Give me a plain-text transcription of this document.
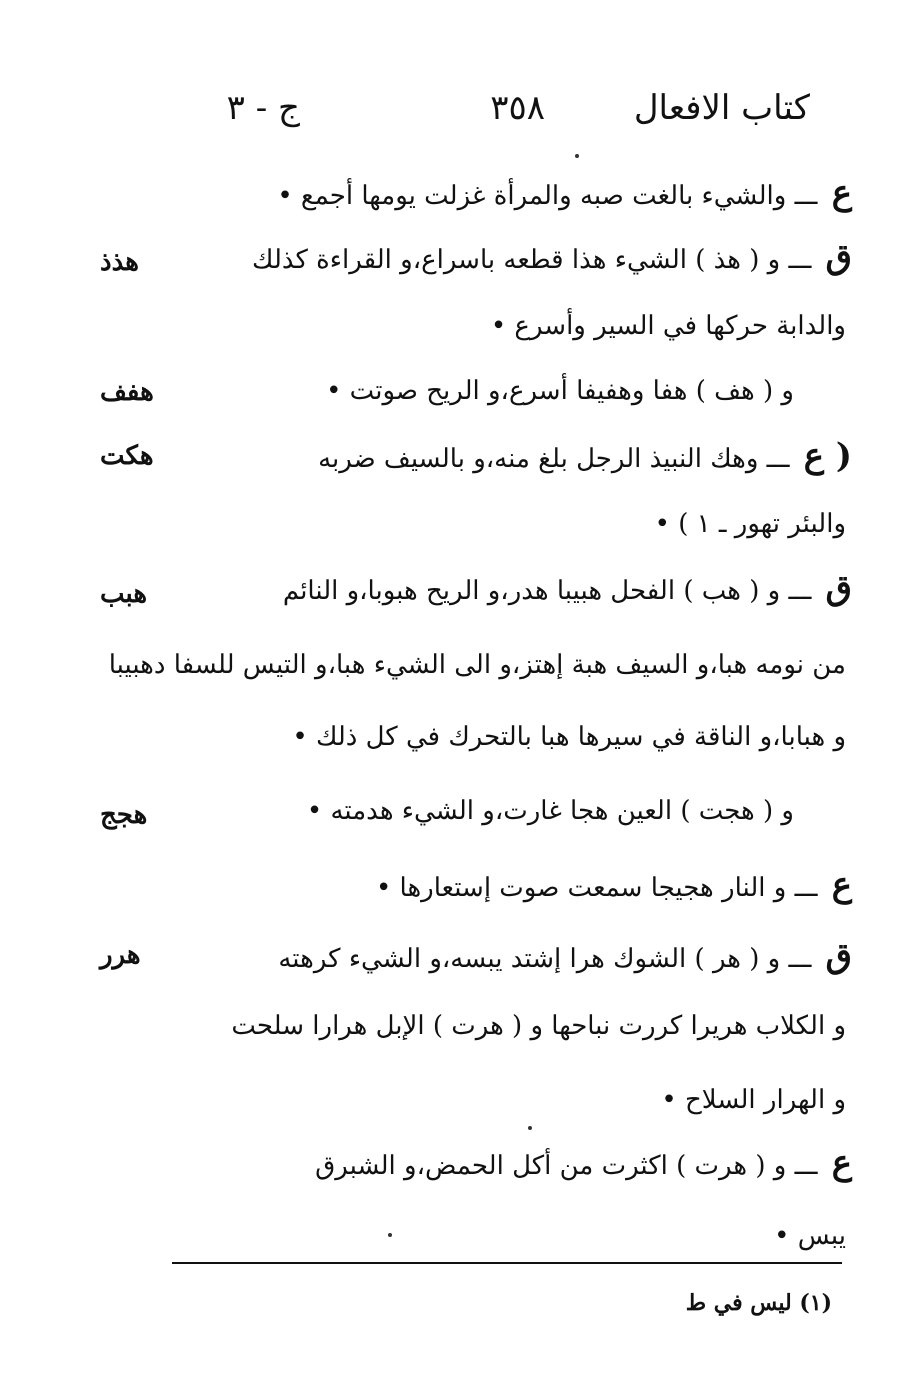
كتاب الافعال
٣٥٨
ج - ٣
ع ـــ والشيء بالغت صبه والمرأة غزلت يومها أجمع •
ق ـــ و ( هذ ) الشيء هذا قطعه باسراع،و القراءة كذلك
والدابة حركها في السير وأسرع •
و ( هف ) هفا وهفيفا أسرع،و الريح صوتت •
( ع ـــ وهك النبيذ الرجل بلغ منه،و بالسيف ضربه
والبئر تهور ـ ١ ) •
ق ـــ و ( هب ) الفحل هبيبا هدر،و الريح هبوبا،و النائم
من نومه هبا،و السيف هبة إهتز،و الى الشيء هبا،و التيس للسفا دهبيبا
و هبابا،و الناقة في سيرها هبا بالتحرك في كل ذلك •
و ( هجت ) العين هجا غارت،و الشيء هدمته •
ع ـــ و النار هجيجا سمعت صوت إستعارها •
ق ـــ و ( هر ) الشوك هرا إشتد يبسه،و الشيء كرهته
و الكلاب هريرا كررت نباحها و ( هرت ) الإبل هرارا سلحت
و الهرار السلاح •
ع ـــ و ( هرت ) اكثرت من أكل الحمض،و الشبرق
يبس •
هذذ
هفف
هكت
هبب
هجج
هرر
(١) ليس في ط
